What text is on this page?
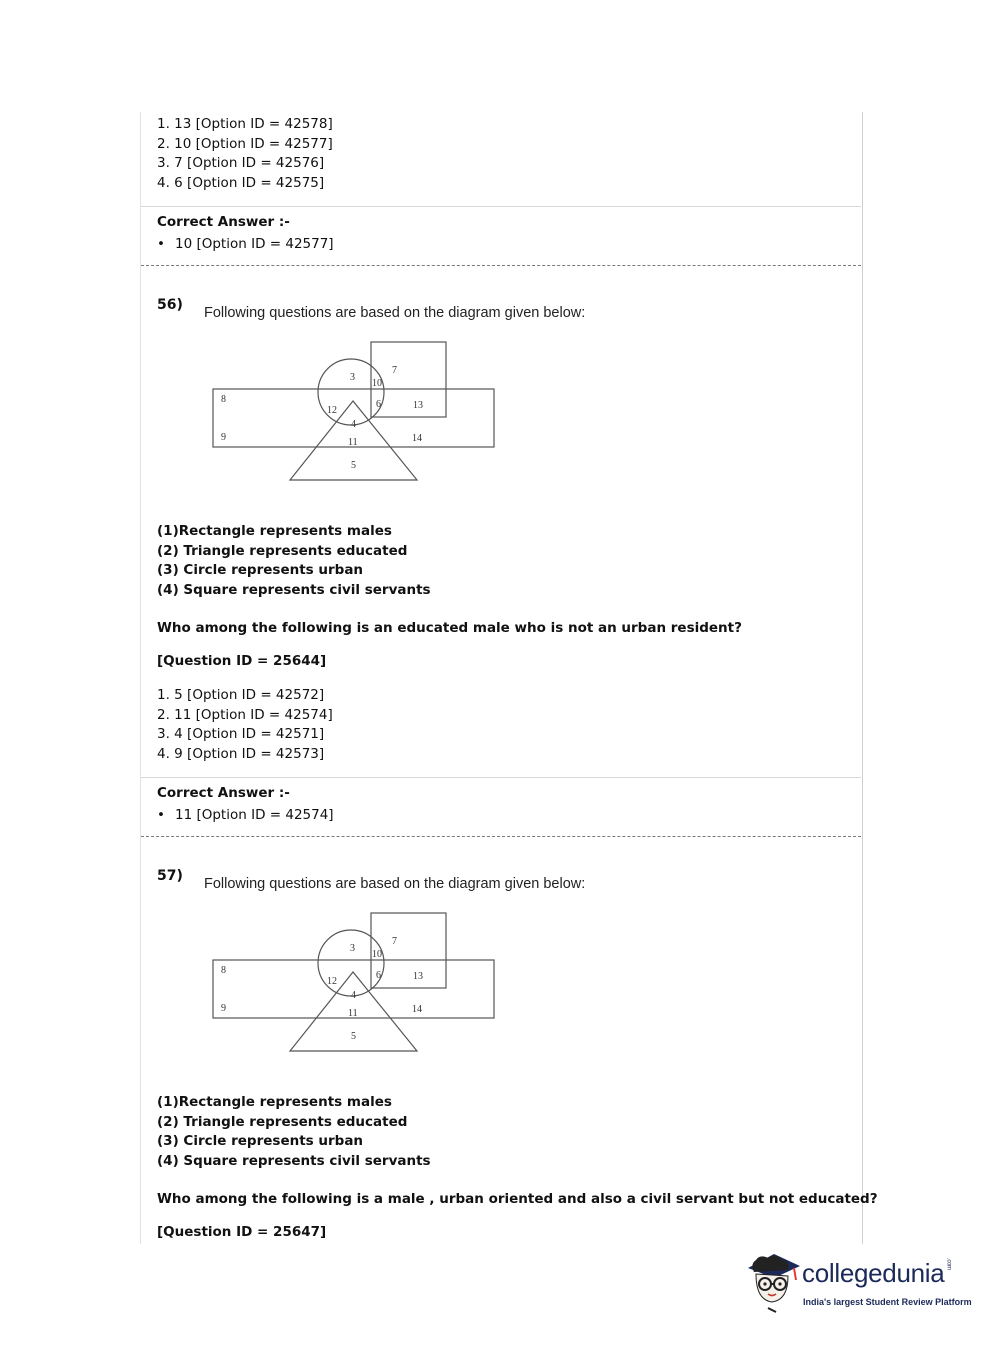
1. 13 [Option ID = 42578]
2. 10 [Option ID = 42577]
3. 7 [Option ID = 42576]
4. 6 [Option ID = 42575]
Correct Answer :-
• 10 [Option ID = 42577]
56) Following questions are based on the diagram given below:
3
7
10
8
12
6	13
4
9	11	14
5
(1)Rectangle represents males
(2) Triangle represents educated
(3) Circle represents urban
(4) Square represents civil servants
Who among the following is an educated male who is not an urban resident?
[Question ID = 25644]
1. 5 [Option ID = 42572]
2. 11 [Option ID = 42574]
3. 4 [Option ID = 42571]
4. 9 [Option ID = 42573]
Correct Answer :-
• 11 [Option ID = 42574]
57) Following questions are based on the diagram given below:
3
7
10
8
12
6	13
4
9	11	14
5
(1)Rectangle represents males
(2) Triangle represents educated
(3) Circle represents urban
(4) Square represents civil servants
Who among the following is a male , urban oriented and also a civil servant but not educated?
[Question ID = 25647]
collegedunia.com
India's largest Student Review Platform
